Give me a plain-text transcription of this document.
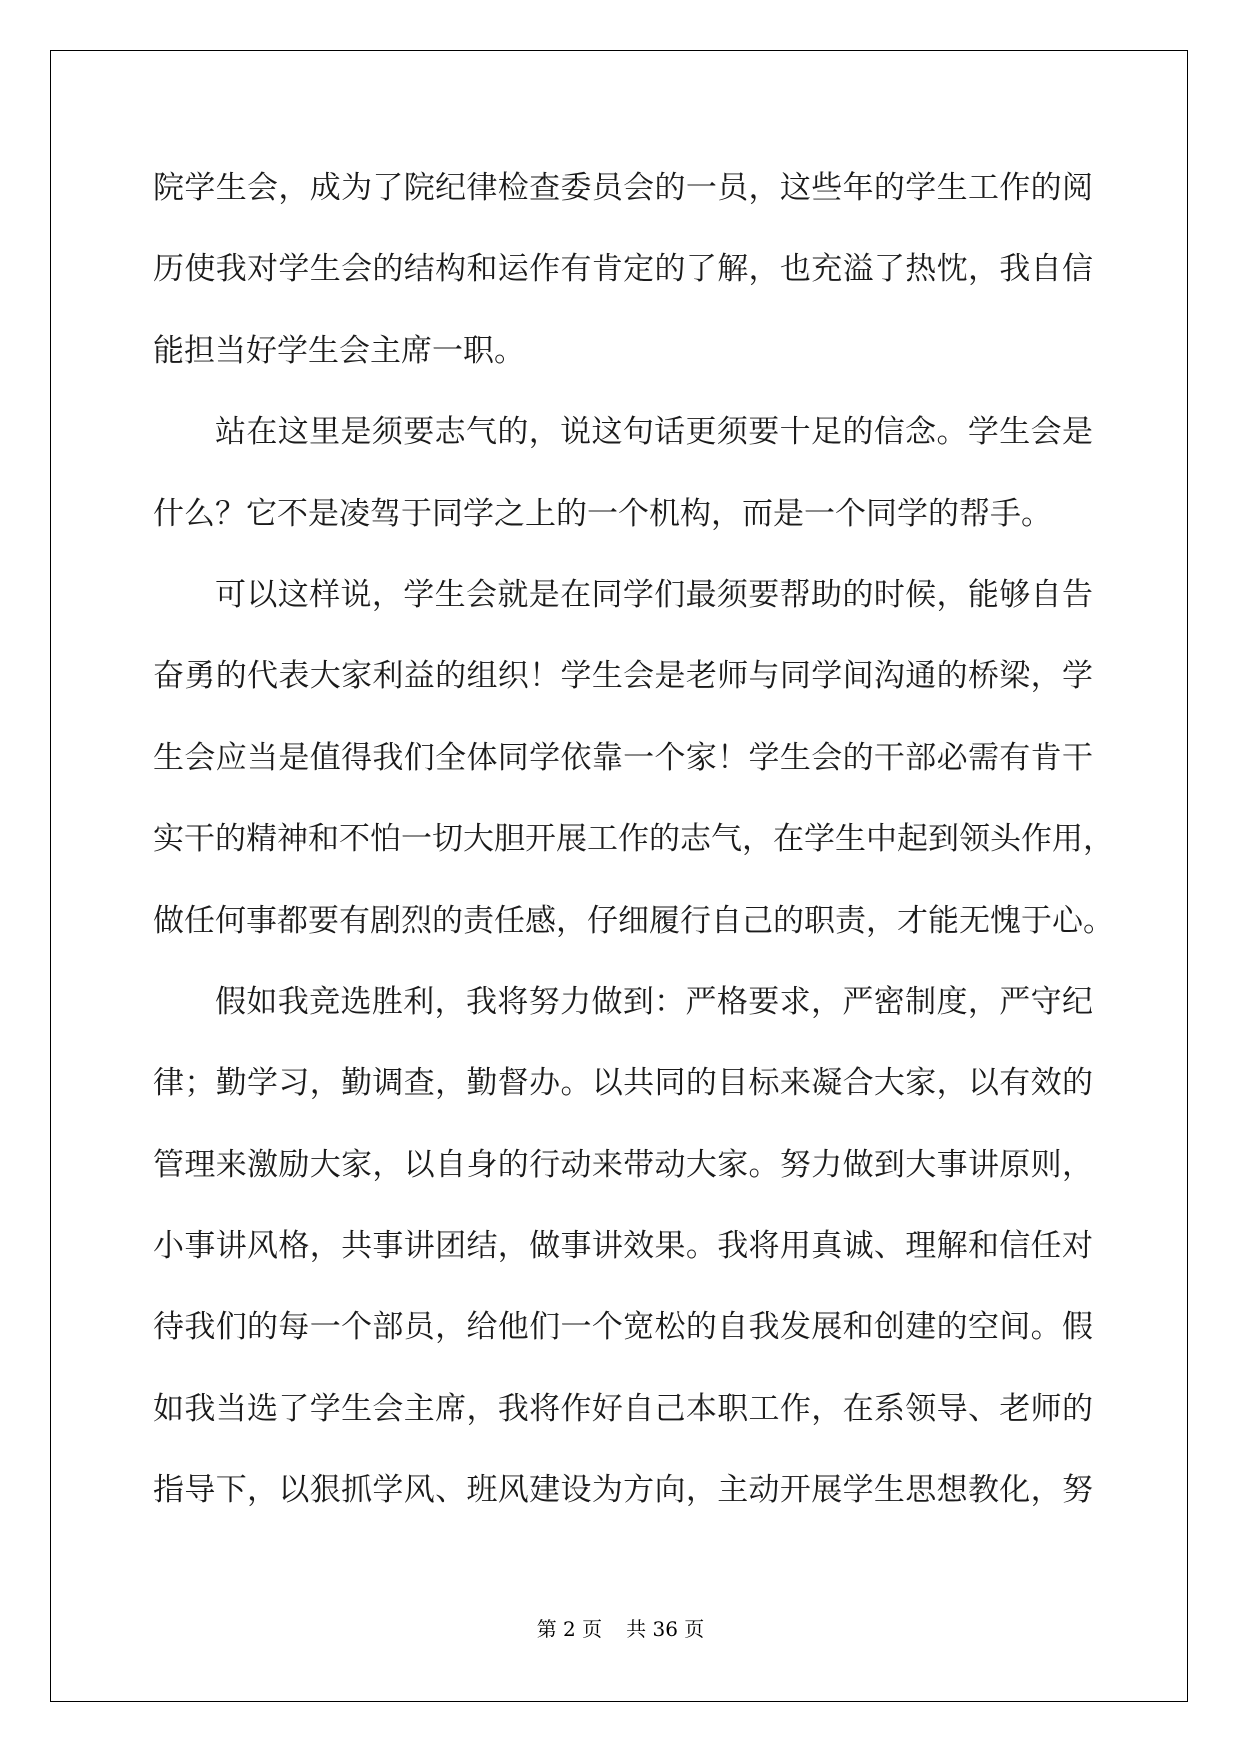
院学生会，成为了院纪律检查委员会的一员，这些年的学生工作的阅
历使我对学生会的结构和运作有肯定的了解，也充溢了热忱，我自信
能担当好学生会主席一职。
站在这里是须要志气的，说这句话更须要十足的信念。学生会是
什么？它不是凌驾于同学之上的一个机构，而是一个同学的帮手。
可以这样说，学生会就是在同学们最须要帮助的时候，能够自告
奋勇的代表大家利益的组织！学生会是老师与同学间沟通的桥梁，学
生会应当是值得我们全体同学依靠一个家！学生会的干部必需有肯干
实干的精神和不怕一切大胆开展工作的志气，在学生中起到领头作用，
做任何事都要有剧烈的责任感，仔细履行自己的职责，才能无愧于心。
假如我竞选胜利，我将努力做到：严格要求，严密制度，严守纪
律；勤学习，勤调查，勤督办。以共同的目标来凝合大家，以有效的
管理来激励大家，以自身的行动来带动大家。努力做到大事讲原则，
小事讲风格，共事讲团结，做事讲效果。我将用真诚、理解和信任对
待我们的每一个部员，给他们一个宽松的自我发展和创建的空间。假
如我当选了学生会主席，我将作好自己本职工作，在系领导、老师的
指导下，以狠抓学风、班风建设为方向，主动开展学生思想教化，努
第 2 页 共 36 页
